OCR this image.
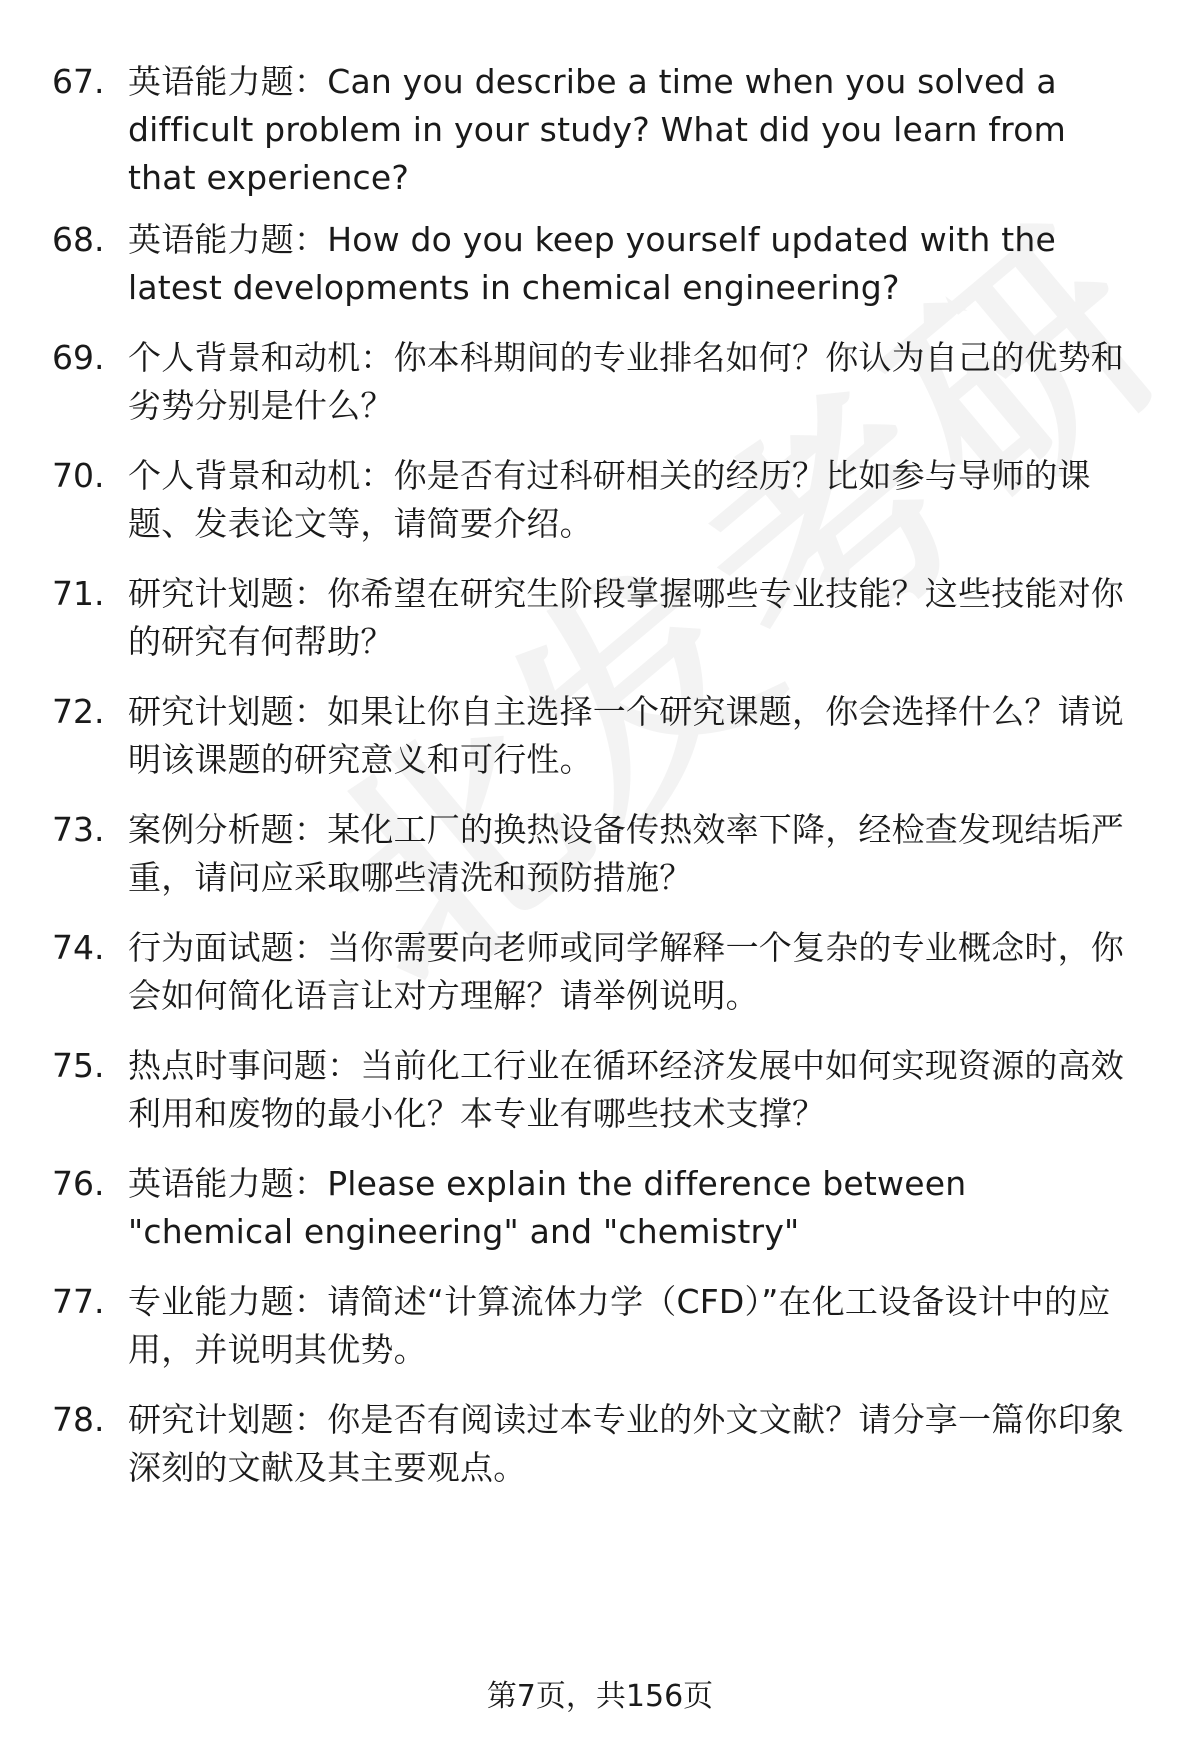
67. 英语能力题：Can you describe a time when you solved a difficult problem in your study? What did you learn from that experience?
68. 英语能力题：How do you keep yourself updated with the latest developments in chemical engineering?
69. 个人背景和动机：你本科期间的专业排名如何？你认为自己的优势和劣势分别是什么？
70. 个人背景和动机：你是否有过科研相关的经历？比如参与导师的课题、发表论文等，请简要介绍。
71. 研究计划题：你希望在研究生阶段掌握哪些专业技能？这些技能对你的研究有何帮助？
72. 研究计划题：如果让你自主选择一个研究课题，你会选择什么？请说明该课题的研究意义和可行性。
73. 案例分析题：某化工厂的换热设备传热效率下降，经检查发现结垢严重，请问应采取哪些清洗和预防措施？
74. 行为面试题：当你需要向老师或同学解释一个复杂的专业概念时，你会如何简化语言让对方理解？请举例说明。
75. 热点时事问题：当前化工行业在循环经济发展中如何实现资源的高效利用和废物的最小化？本专业有哪些技术支撑？
76. 英语能力题：Please explain the difference between "chemical engineering" and "chemistry"
77. 专业能力题：请简述“计算流体力学（CFD）”在化工设备设计中的应用，并说明其优势。
78. 研究计划题：你是否有阅读过本专业的外文文献？请分享一篇你印象深刻的文献及其主要观点。
第7页，共156页
